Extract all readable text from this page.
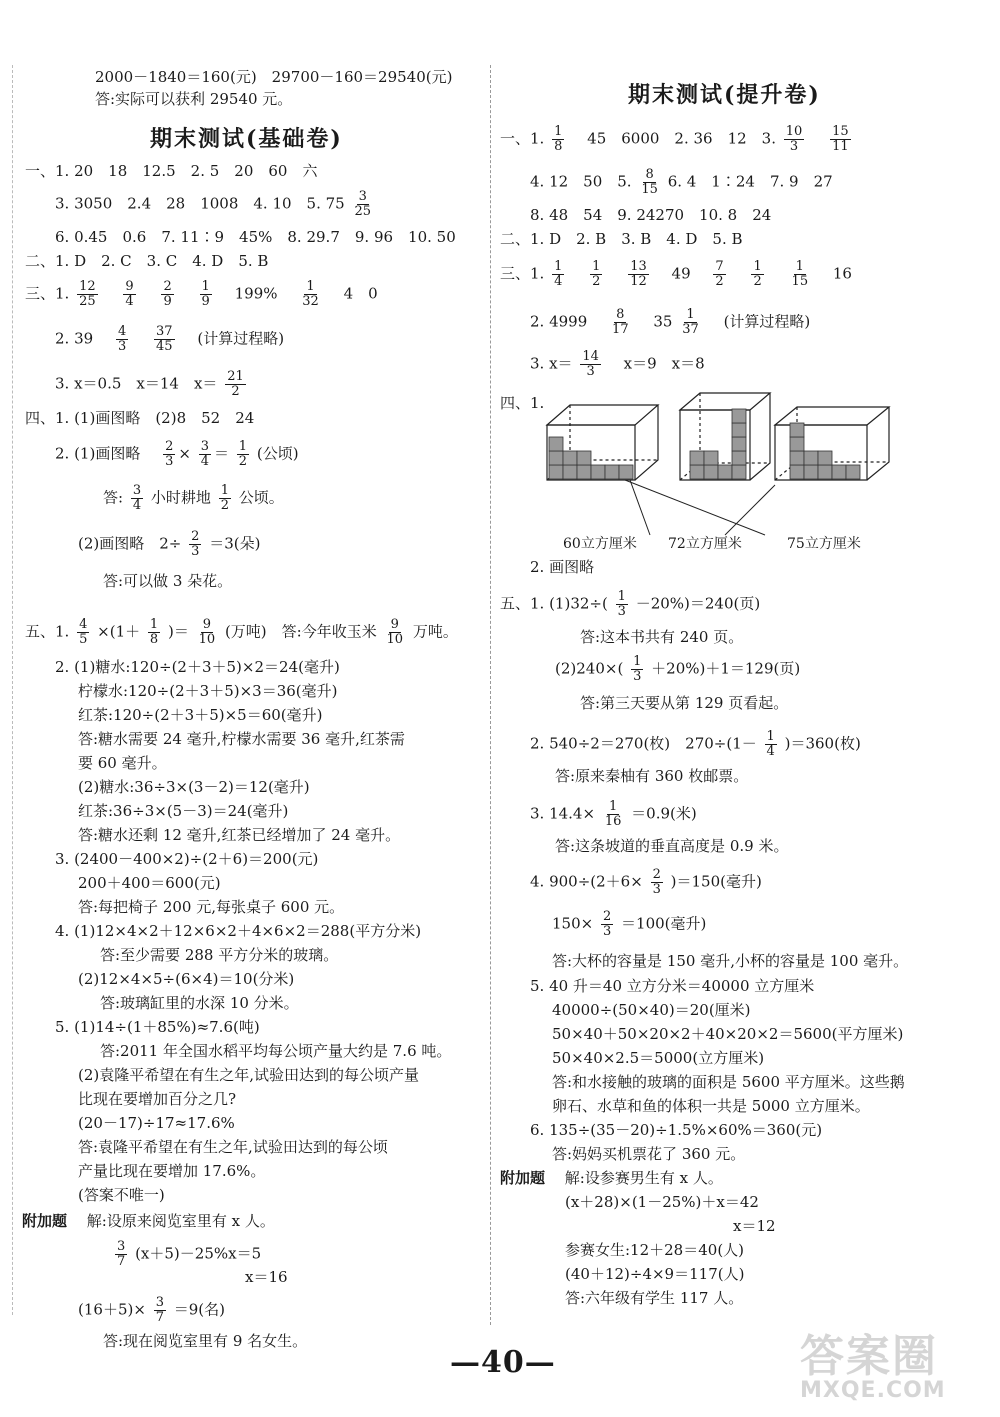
2000－1840＝160(元)　29700－160＝29540(元)
答:实际可以获利 29540 元。
期末测试(基础卷)
一、1. 20　18　12.5　2. 5　20　60　六
3. 3050　2.4　28　1008　4. 10　5. $75 \frac{3}{25}$
6. 0.45　0.6　7. 11∶9　45%　8. 29.7　9. 96　10. 50
二、1. D　2. C　3. C　4. D　5. B
三、1. $\frac{12}{25}$
　 $\frac{9}{4}$
　 $\frac{2}{9}$
　 $\frac{1}{9}$
　 199%　 $\frac{1}{32}$
　 4　0
2. 39　 $\frac{4}{3}$
　 $\frac{37}{45}$
　 (计算过程略)
3. x＝0.5　x＝14　$x= \frac{21}{2}$
四、1. (1)画图略　(2)8　52　24
2. (1)画图略　 $\frac{2}{3} \times \frac{3}{4} = \frac{1}{2}$ (公顷)
答: $\frac{3}{4}$ 小时耕地 $\frac{1}{2}$ 公顷。
(2)画图略　$2\div \frac{2}{3} =3$(朵)
答:可以做 3 朵花。
五、1. $\frac{4}{5} \times(1+ \frac{1}{8}$ )＝ $\frac{9}{10}$ (万吨)　答:今年收玉米 $\frac{9}{10}$ 万吨。
2. (1)糖水:120÷(2＋3＋5)×2＝24(毫升)
柠檬水:120÷(2＋3＋5)×3＝36(毫升)
红茶:120÷(2＋3＋5)×5＝60(毫升)
答:糖水需要 24 毫升,柠檬水需要 36 毫升,红茶需
要 60 毫升。
(2)糖水:36÷3×(3－2)＝12(毫升)
红茶:36÷3×(5－3)＝24(毫升)
答:糖水还剩 12 毫升,红茶已经增加了 24 毫升。
3. (2400－400×2)÷(2＋6)＝200(元)
200＋400＝600(元)
答:每把椅子 200 元,每张桌子 600 元。
4. (1)12×4×2＋12×6×2＋4×6×2＝288(平方分米)
答:至少需要 288 平方分米的玻璃。
(2)12×4×5÷(6×4)＝10(分米)
答:玻璃缸里的水深 10 分米。
5. (1)14÷(1＋85%)≈7.6(吨)
答:2011 年全国水稻平均每公顷产量大约是 7.6 吨。
(2)袁隆平希望在有生之年,试验田达到的每公顷产量
比现在要增加百分之几?
(20－17)÷17≈17.6%
答:袁隆平希望在有生之年,试验田达到的每公顷
产量比现在要增加 17.6%。
(答案不唯一)
附加题　 解:设原来阅览室里有 x 人。
$\frac{3}{7} (x+5)-25\%x=5$
x＝16
$(16+5)\times \frac{3}{7} =9$(名)
答:现在阅览室里有 9 名女生。
期末测试(提升卷)
一、1. $\frac{1}{8}$
　 45　6000　2. 36　12　3. $\frac{10}{3}$
　 $\frac{15}{11}$
4. 12　50　5. $\frac{8}{15} 6$. 4　1∶24　7. 9　27
8. 48　54　9. 24270　10. 8　24
二、1. D　2. B　3. B　4. D　5. B
三、1. $\frac{1}{4}$
　 $\frac{1}{2}$
　 $\frac{13}{12}$
　 49　 $\frac{7}{2}$
　 $\frac{1}{2}$
　 $\frac{1}{15}$
　 16
2. 4999　 $\frac{8}{17}$
　 $35 \frac{1}{37}$
　 (计算过程略)
3. $x= \frac{14}{3}$
　 x＝9　x＝8
四、1.
60立方厘米 72立方厘米	75立方厘米
2. 画图略
五、1. $(1)32\div( \frac{1}{3} -20\%)=240$(页)
答:这本书共有 240 页。
$(2)240\times( \frac{1}{3} +20\%)+1=129$(页)
答:第三天要从第 129 页看起。
2. 540÷2＝270(枚)　$270\div(1- \frac{1}{4} )=360$(枚)
答:原来秦柚有 360 枚邮票。
3. $14.4\times \frac{1}{16} =0.9$(米)
答:这条坡道的垂直高度是 0.9 米。
4. $900\div(2+6\times \frac{2}{3} )=150$(毫升)
$150\times \frac{2}{3} =100$(毫升)
答:大杯的容量是 150 毫升,小杯的容量是 100 毫升。
5. 40 升＝40 立方分米＝40000 立方厘米
40000÷(50×40)＝20(厘米)
50×40＋50×20×2＋40×20×2＝5600(平方厘米)
50×40×2.5＝5000(立方厘米)
答:和水接触的玻璃的面积是 5600 平方厘米。这些鹅
卵石、水草和鱼的体积一共是 5000 立方厘米。
6. 135÷(35－20)÷1.5%×60%＝360(元)
答:妈妈买机票花了 360 元。
附加题　 解:设参赛男生有 x 人。
(x＋28)×(1－25%)＋x＝42
x＝12
参赛女生:12＋28＝40(人)
(40＋12)÷4×9＝117(人)
答:六年级有学生 117 人。
—40—	答案圈
MXQE.COM
